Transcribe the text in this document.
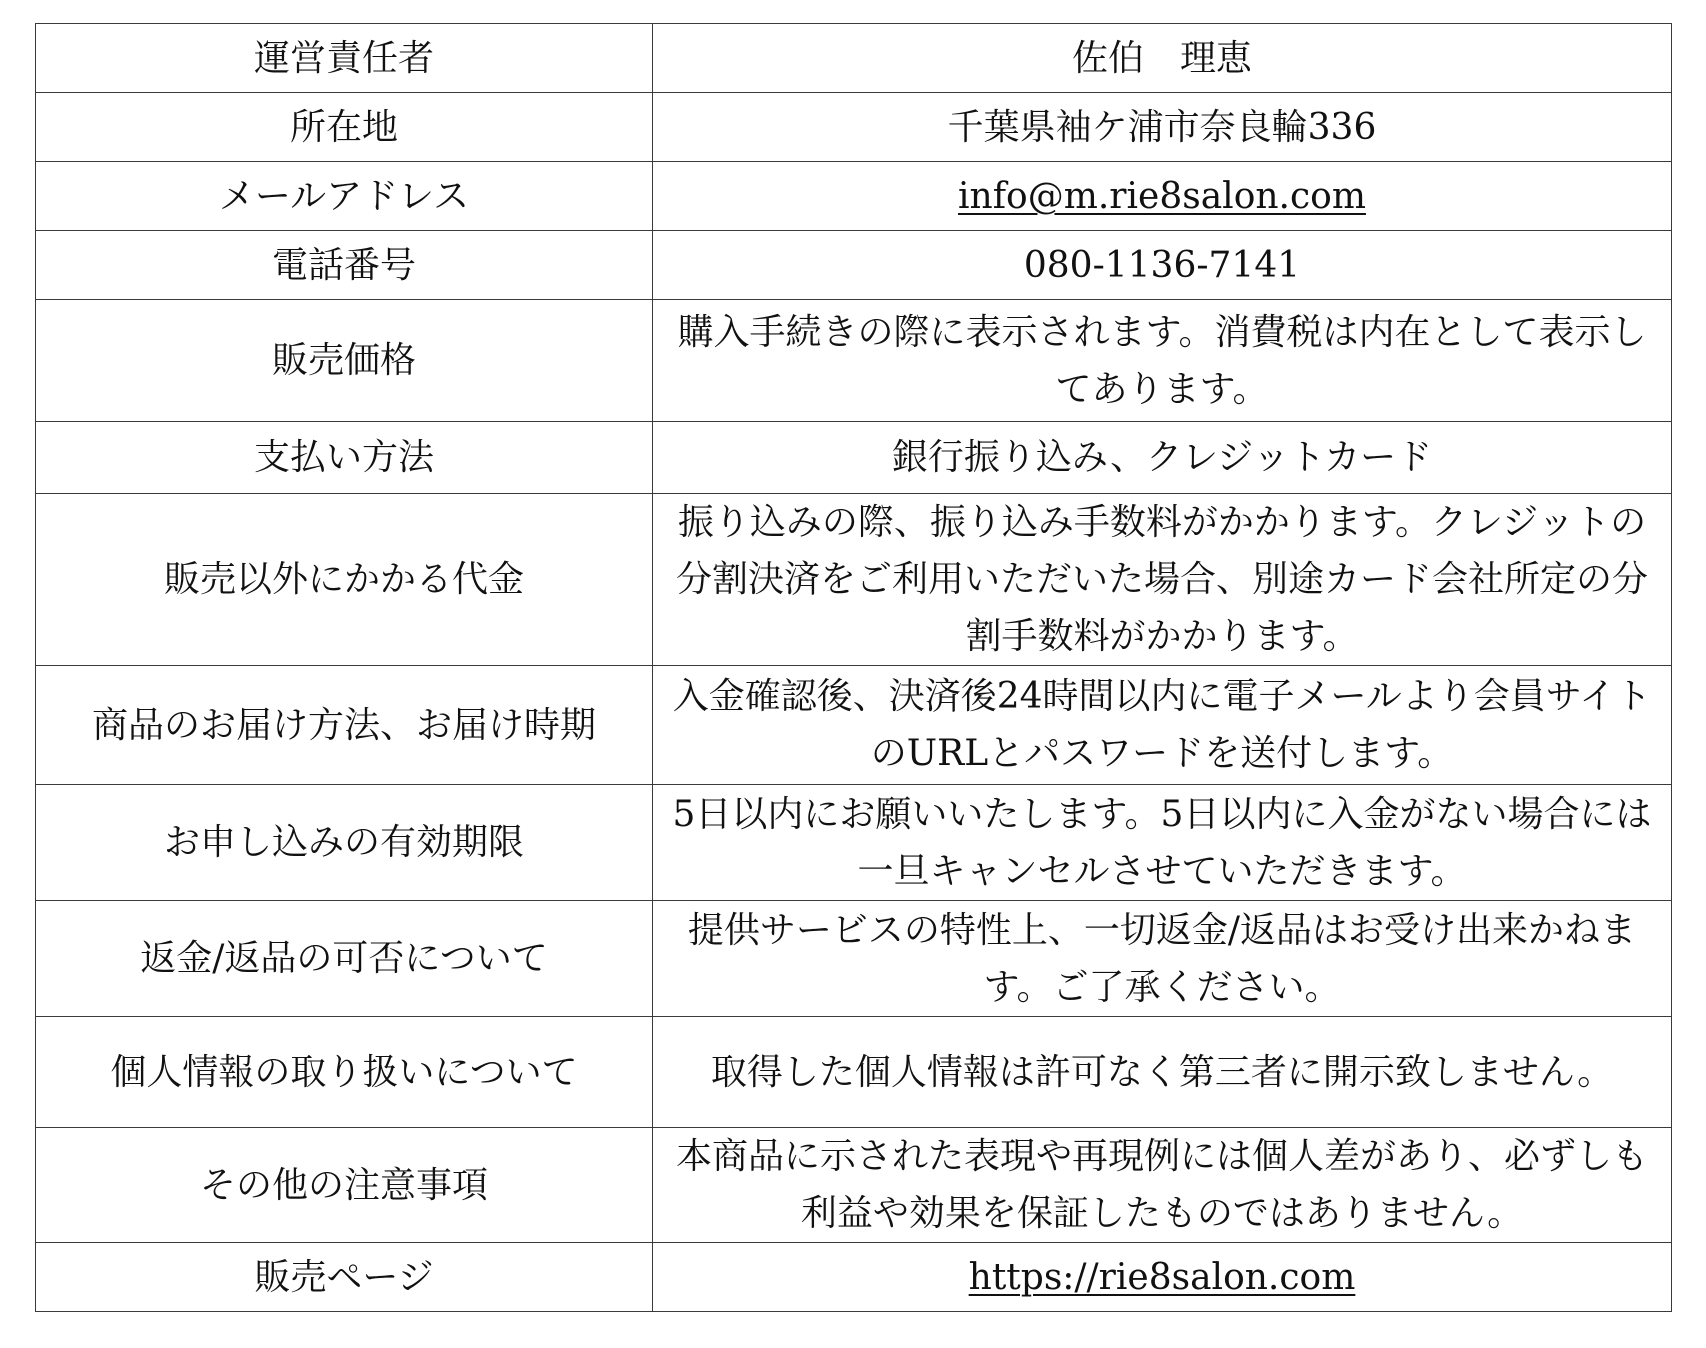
運営責任者	佐伯　理恵
所在地	千葉県袖ケ浦市奈良輪336
メールアドレス	info@m.rie8salon.com
電話番号	080-1136-7141
販売価格	購入手続きの際に表示されます。消費税は内在として表示してあります。
支払い方法	銀行振り込み、クレジットカード
販売以外にかかる代金	振り込みの際、振り込み手数料がかかります。クレジットの分割決済をご利用いただいた場合、別途カード会社所定の分割手数料がかかります。
商品のお届け方法、お届け時期	入金確認後、決済後24時間以内に電子メールより会員サイトのURLとパスワードを送付します。
お申し込みの有効期限	5日以内にお願いいたします。5日以内に入金がない場合には一旦キャンセルさせていただきます。
返金/返品の可否について	提供サービスの特性上、一切返金/返品はお受け出来かねます。ご了承ください。
個人情報の取り扱いについて	取得した個人情報は許可なく第三者に開示致しません。
その他の注意事項	本商品に示された表現や再現例には個人差があり、必ずしも利益や効果を保証したものではありません。
販売ページ	https://rie8salon.com
